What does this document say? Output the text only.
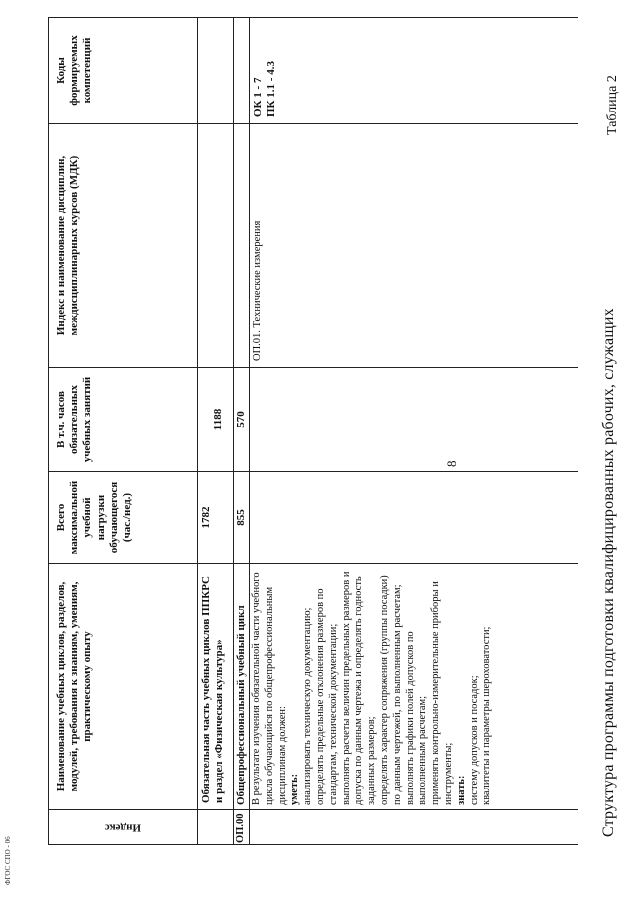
8	Структура программы подготовки квалифицированных рабочих, служащих
Таблица 2
ФГОС СПО - 06
Индекс
Наименование учебных циклов, разделов, модулей, требования к знаниям, умениям, практическому опыту
Всего максимальной учебной нагрузки обучающегося (час./нед.)
В т.ч. часов обязательных учебных занятий
Индекс и наименование дисциплин, междисциплинарных курсов (МДК)
Коды формируемых компетенций
Обязательная часть учебных циклов ППКРС и раздел «Физическая культура»
1782
1188
ОП.00
Общепрофессиональный учебный цикл
855
570
В результате изучения обязательной части учебного цикла обучающийся по общепрофессиональным дисциплинам должен: уметь: анализировать техническую документацию; определять предельные отклонения размеров по стандартам, технической документации; выполнять расчеты величин предельных размеров и допуска по данным чертежа и определять годность заданных размеров; определять характер сопряжения (группы посадки) по данным чертежей, по выполненным расчетам; выполнять графики полей допусков по выполненным расчетам; применять контрольно-измерительные приборы и инструменты; знать: систему допусков и посадок; квалитеты и параметры шероховатости;
ОП.01. Технические измерения
ОК 1 - 7 ПК 1.1 - 4.3
